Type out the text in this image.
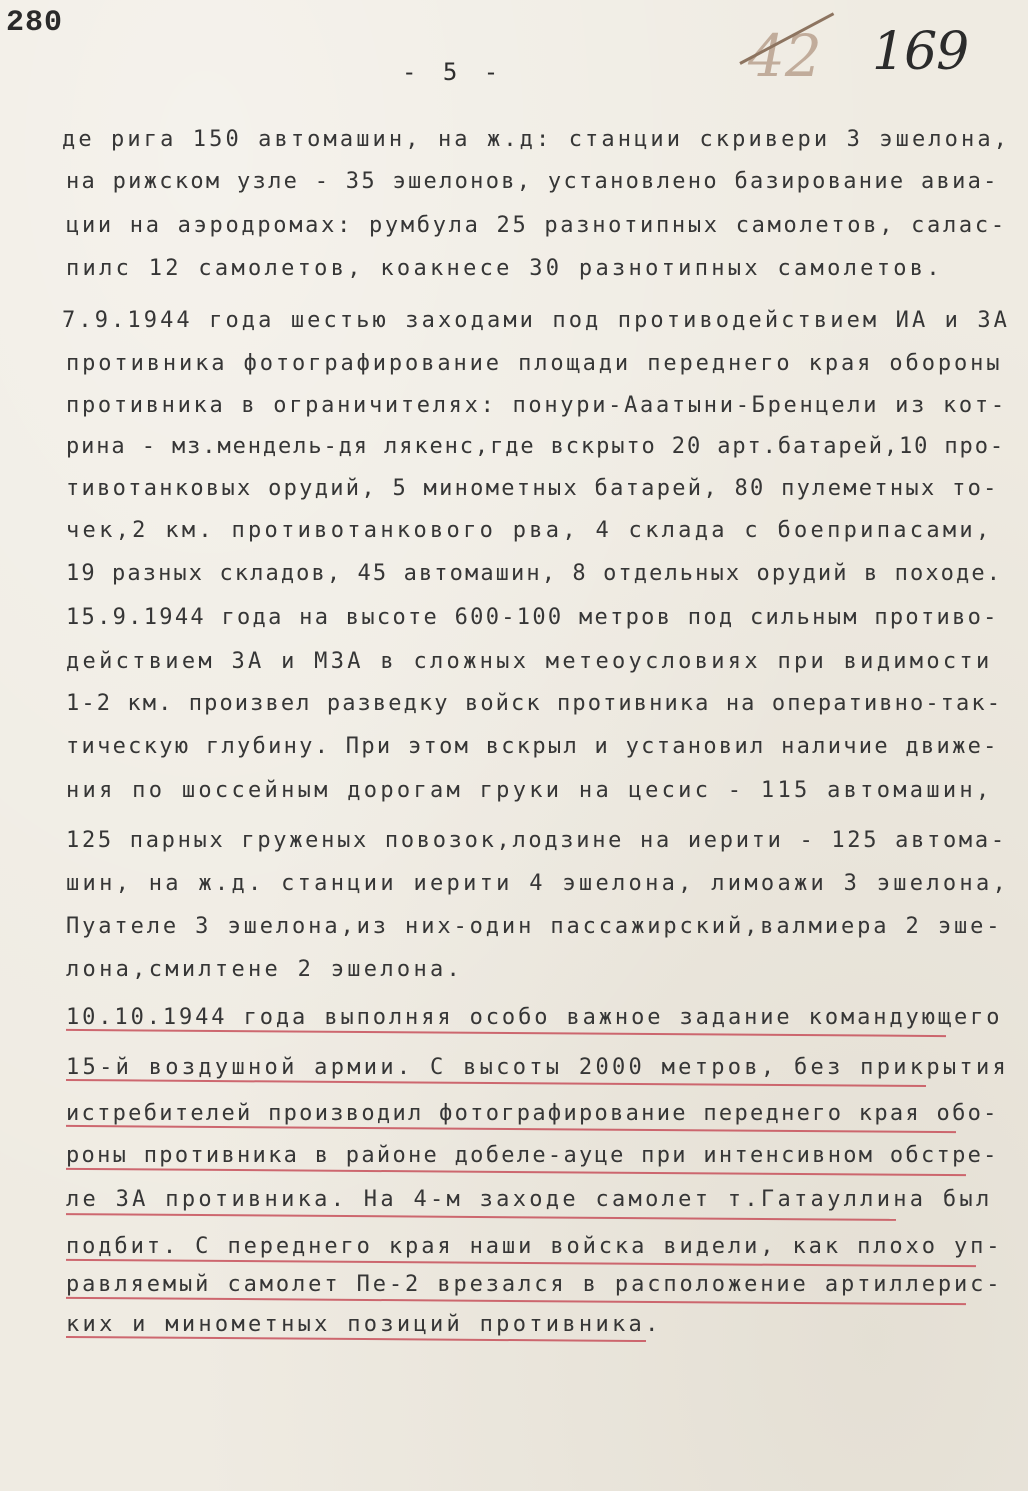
280
- 5 -	42 169
де рига 150 автомашин, на ж.д: станции скривери 3 эшелона,
на рижском узле - 35 эшелонов, установлено базирование авиа-
ции на аэродромах: румбула 25 разнотипных самолетов, салас-
пилс 12 самолетов, коакнесе 30 разнотипных самолетов.
7.9.1944 года шестью заходами под противодействием ИА и ЗА
противника фотографирование площади переднего края обороны
противника в ограничителях: понури-Ааатыни-Бренцели из кот-
рина - мз.мендель-дя лякенс,где вскрыто 20 арт.батарей,10 про-
тивотанковых орудий, 5 минометных батарей, 80 пулеметных то-
чек,2 км. противотанкового рва, 4 склада с боеприпасами,
19 разных складов, 45 автомашин, 8 отдельных орудий в походе.
15.9.1944 года на высоте 600-100 метров под сильным противо-
действием ЗА и МЗА в сложных метеоусловиях при видимости
1-2 км. произвел разведку войск противника на оперативно-так-
тическую глубину. При этом вскрыл и установил наличие движе-
ния по шоссейным дорогам груки на цесис - 115 автомашин,
125 парных груженых повозок,лодзине на иерити - 125 автома-
шин, на ж.д. станции иерити 4 эшелона, лимоажи 3 эшелона,
Пуателе 3 эшелона,из них-один пассажирский,валмиера 2 эше-
лона,смилтене 2 эшелона.
10.10.1944 года выполняя особо важное задание командующего
15-й воздушной армии. С высоты 2000 метров, без прикрытия
истребителей производил фотографирование переднего края обо-
роны противника в районе добеле-ауце при интенсивном обстре-
ле ЗА противника. На 4-м заходе самолет т.Гатауллина был
подбит. С переднего края наши войска видели, как плохо уп-
равляемый самолет Пе-2 врезался в расположение артиллерис-
ких и минометных позиций противника.
